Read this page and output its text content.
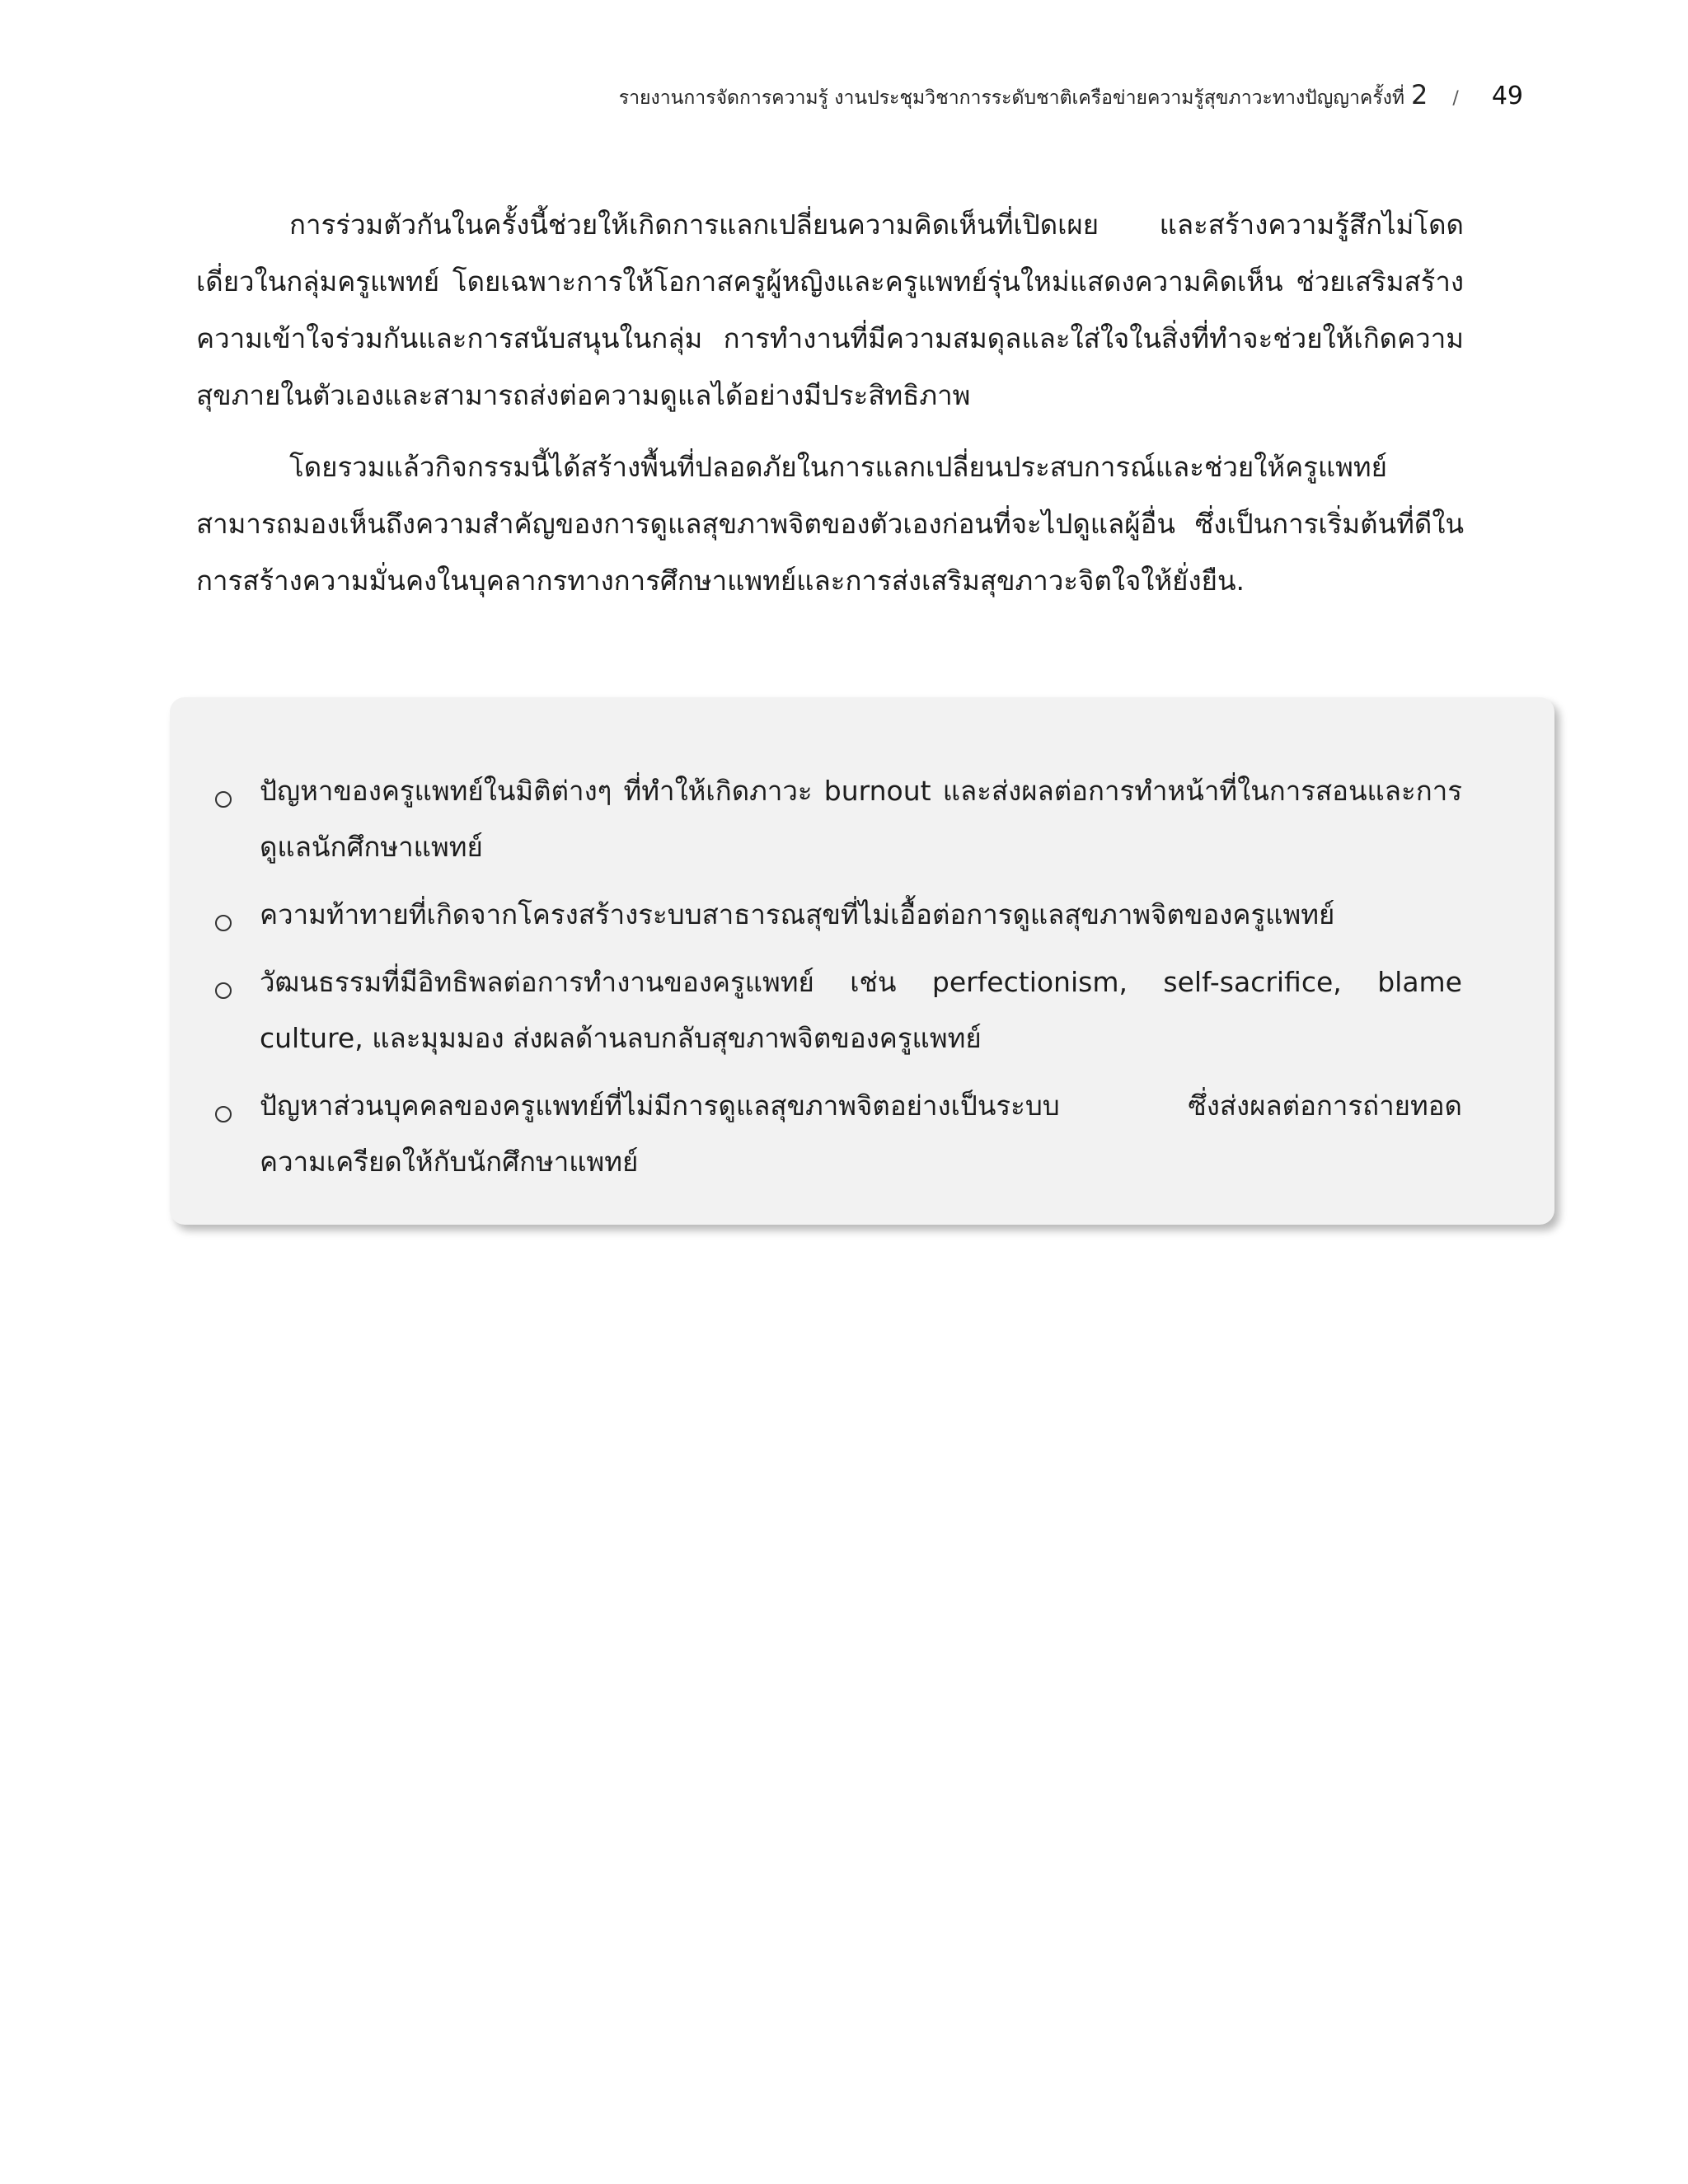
รายงานการจัดการความรู้ งานประชุมวิชาการระดับชาติเครือข่ายความรู้สุขภาวะทางปัญญาครั้งที่ 2 / 49

การร่วมตัวกันในครั้งนี้ช่วยให้เกิดการแลกเปลี่ยนความคิดเห็นที่เปิดเผย และสร้างความรู้สึกไม่โดดเดี่ยวในกลุ่มครูแพทย์ โดยเฉพาะการให้โอกาสครูผู้หญิงและครูแพทย์รุ่นใหม่แสดงความคิดเห็น ช่วยเสริมสร้างความเข้าใจร่วมกันและการสนับสนุนในกลุ่ม การทำงานที่มีความสมดุลและใส่ใจในสิ่งที่ทำจะช่วยให้เกิดความสุขภายในตัวเองและสามารถส่งต่อความดูแลได้อย่างมีประสิทธิภาพ

โดยรวมแล้วกิจกรรมนี้ได้สร้างพื้นที่ปลอดภัยในการแลกเปลี่ยนประสบการณ์และช่วยให้ครูแพทย์สามารถมองเห็นถึงความสำคัญของการดูแลสุขภาพจิตของตัวเองก่อนที่จะไปดูแลผู้อื่น ซึ่งเป็นการเริ่มต้นที่ดีในการสร้างความมั่นคงในบุคลากรทางการศึกษาแพทย์และการส่งเสริมสุขภาวะจิตใจให้ยั่งยืน.

ปัญหาของครูแพทย์ในมิติต่างๆ ที่ทำให้เกิดภาวะ burnout และส่งผลต่อการทำหน้าที่ในการสอนและการดูแลนักศึกษาแพทย์
ความท้าทายที่เกิดจากโครงสร้างระบบสาธารณสุขที่ไม่เอื้อต่อการดูแลสุขภาพจิตของครูแพทย์
วัฒนธรรมที่มีอิทธิพลต่อการทำงานของครูแพทย์ เช่น perfectionism, self-sacrifice, blame culture, และมุมมอง ส่งผลด้านลบกลับสุขภาพจิตของครูแพทย์
ปัญหาส่วนบุคคลของครูแพทย์ที่ไม่มีการดูแลสุขภาพจิตอย่างเป็นระบบ ซึ่งส่งผลต่อการถ่ายทอดความเครียดให้กับนักศึกษาแพทย์
